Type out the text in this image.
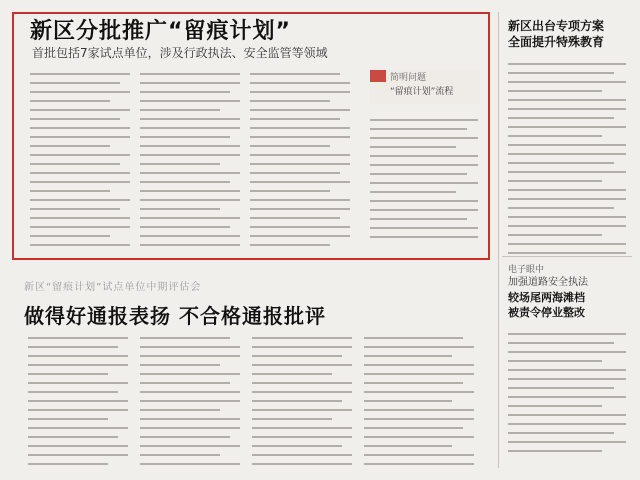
新区分批推广“留痕计划”
首批包括7家试点单位，涉及行政执法、安全监管等领域
简明问题
“留痕计划”流程
新区“留痕计划”试点单位中期评估会
做得好通报表扬 不合格通报批评
新区出台专项方案
全面提升特殊教育
电子眼中
加强道路安全执法
较场尾两海滩档
被责令停业整改
